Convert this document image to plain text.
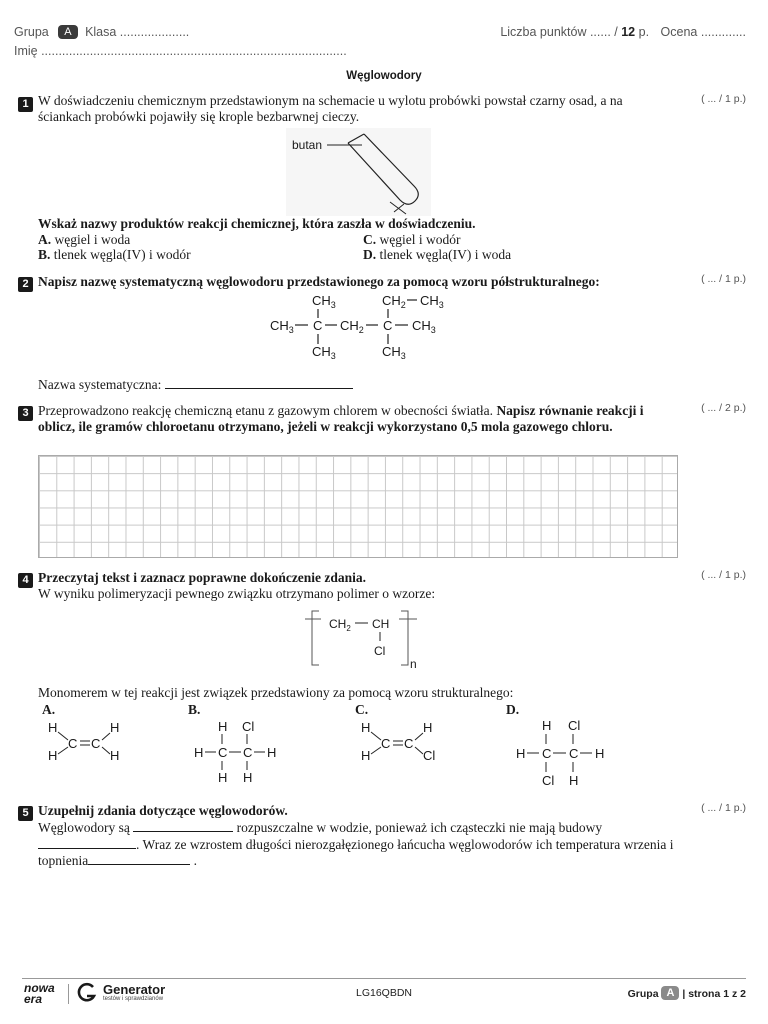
Grupa A Klasa ....................	Liczba punktów ...... / 12 p. Ocena .............
Imię ........................................................................................
Węglowodory
1	( ... / 1 p.)
W doświadczeniu chemicznym przedstawionym na schemacie u wylotu probówki powstał czarny osad, a na ściankach probówki pojawiły się krople bezbarwnej cieczy.
butan
Wskaż nazwy produktów reakcji chemicznej, która zaszła w doświadczeniu.
A. węgiel i woda
B. tlenek węgla(IV) i wodór
C. węgiel i wodór
D. tlenek węgla(IV) i woda
2	( ... / 1 p.)
Napisz nazwę systematyczną węglowodoru przedstawionego za pomocą wzoru półstrukturalnego:
$CH_3$	$CH_2$ $CH_3$
$CH_3$ C $CH_2$ C $CH_3$
$CH_3$	$CH_3$
Nazwa systematyczna:
3	( ... / 2 p.)
Przeprowadzono reakcję chemiczną etanu z gazowym chlorem w obecności światła. Napisz równanie reakcji i oblicz, ile gramów chloroetanu otrzymano, jeżeli w reakcji wykorzystano 0,5 mola gazowego chloru.
4	( ... / 1 p.)
Przeczytaj tekst i zaznacz poprawne dokończenie zdania.
W wyniku polimeryzacji pewnego związku otrzymano polimer o wzorze:
$CH_2$ CH
Cl
n
Monomerem w tej reakcji jest związek przedstawiony za pomocą wzoru strukturalnego:
A.	B.	C.	D.
H
H
C C
H
H
H Cl
H C C H
H H
H
H
C C
H
Cl
H Cl
H C C H
Cl H
5	( ... / 1 p.)
Uzupełnij zdania dotyczące węglowodorów.
Węglowodory są	rozpuszczalne w wodzie, ponieważ ich cząsteczki nie mają budowy . Wraz ze wzrostem długości nierozgałęzionego łańcucha węglowodorów ich temperatura wrzenia i topnienia	.
nowa era
Generator
testów i sprawdzianów	LG16QBDN	Grupa A | strona 1 z 2
